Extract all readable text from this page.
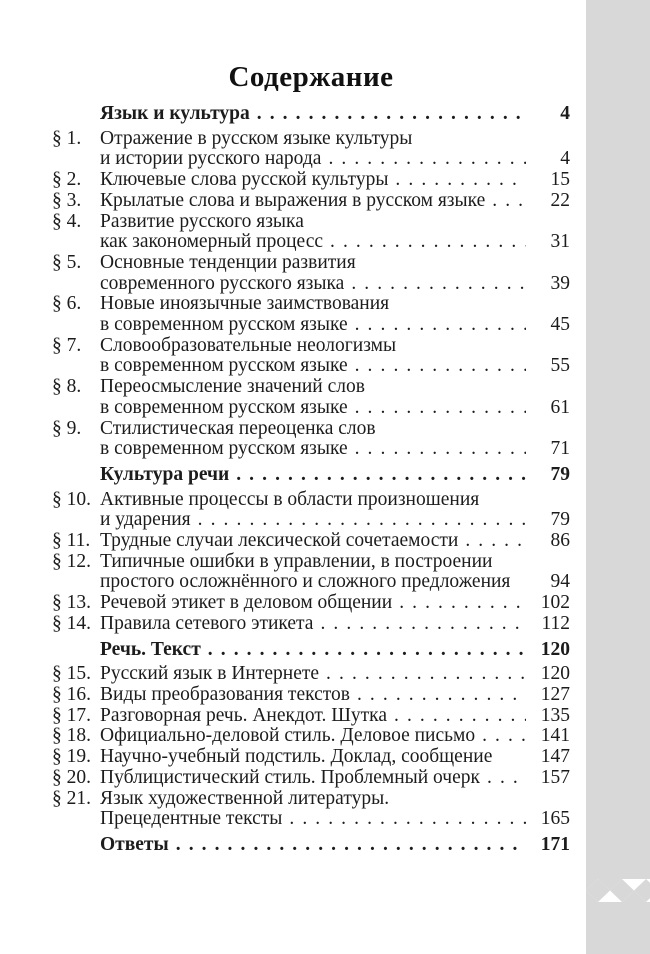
Содержание
Язык и культура . . .	4
§ 1. Отражение в русском языке культуры
и истории русского народа . . .	4
§ 2. Ключевые слова русской культуры . . .	15
§ 3. Крылатые слова и выражения в русском языке . . .	22
§ 4. Развитие русского языка
как закономерный процесс . . .	31
§ 5. Основные тенденции развития
современного русского языка . . .	39
§ 6. Новые иноязычные заимствования
в современном русском языке . . .	45
§ 7. Словообразовательные неологизмы
в современном русском языке . . .	55
§ 8. Переосмысление значений слов
в современном русском языке . . .	61
§ 9. Стилистическая переоценка слов
в современном русском языке . . .	71
Культура речи . . .	79
§ 10. Активные процессы в области произношения
и ударения . . .	79
§ 11. Трудные случаи лексической сочетаемости . . .	86
§ 12. Типичные ошибки в управлении, в построении
простого осложнённого и сложного предложения	94
§ 13. Речевой этикет в деловом общении . . .	102
§ 14. Правила сетевого этикета . . .	112
Речь. Текст . . .	120
§ 15. Русский язык в Интернете . . .	120
§ 16. Виды преобразования текстов . . .	127
§ 17. Разговорная речь. Анекдот. Шутка . . .	135
§ 18. Официально-деловой стиль. Деловое письмо . . .	141
§ 19. Научно-учебный подстиль. Доклад, сообщение	147
§ 20. Публицистический стиль. Проблемный очерк . . .	157
§ 21. Язык художественной литературы.
Прецедентные тексты . . .	165
Ответы . . .	171
